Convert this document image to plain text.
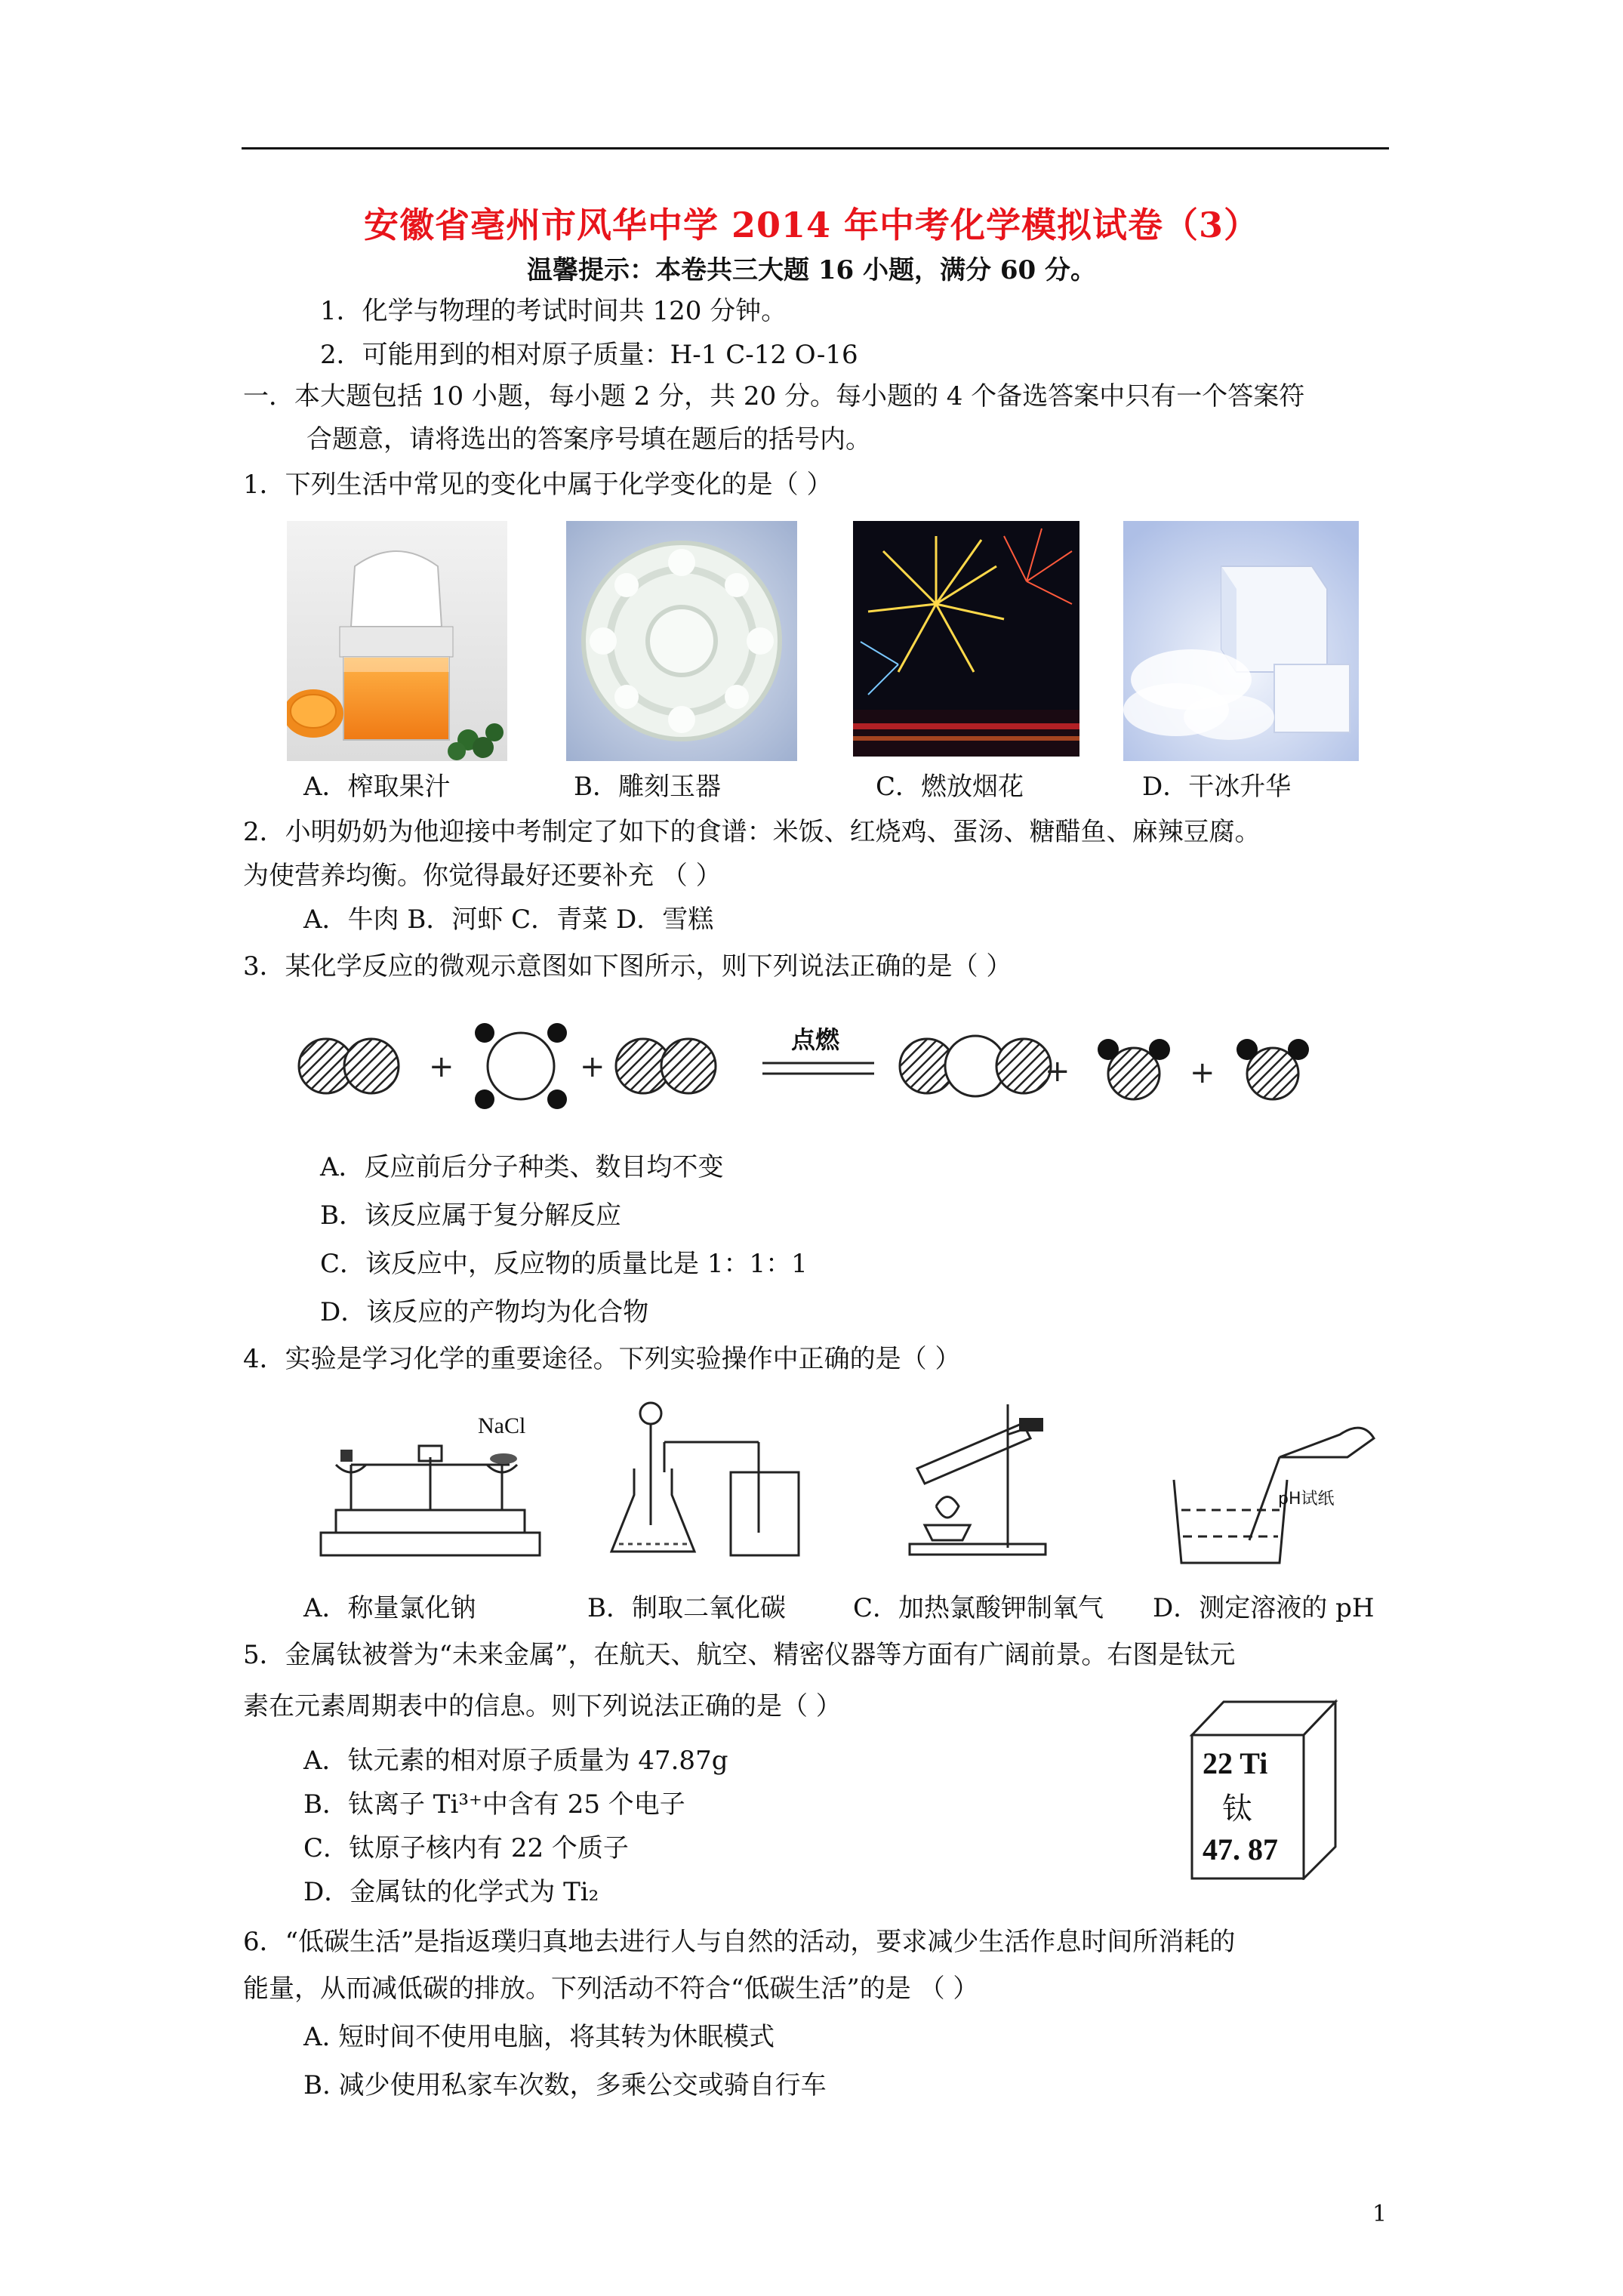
安徽省亳州市风华中学 2014 年中考化学模拟试卷（3）
温馨提示：本卷共三大题 16 小题，满分 60 分。
1．化学与物理的考试时间共 120 分钟。
2．可能用到的相对原子质量：H-1 C-12 O-16
一．本大题包括 10 小题，每小题 2 分，共 20 分。每小题的 4 个备选答案中只有一个答案符
合题意，请将选出的答案序号填在题后的括号内。
1．下列生活中常见的变化中属于化学变化的是（ ）
A．榨取果汁	B．雕刻玉器	C．燃放烟花	D．干冰升华
2．小明奶奶为他迎接中考制定了如下的食谱：米饭、红烧鸡、蛋汤、糖醋鱼、麻辣豆腐。
为使营养均衡。你觉得最好还要补充 （ ）
A．牛肉 B．河虾 C．青菜 D．雪糕
3．某化学反应的微观示意图如下图所示，则下列说法正确的是（ ）
+	+	+	+
点燃
A．反应前后分子种类、数目均不变
B．该反应属于复分解反应
C．该反应中，反应物的质量比是 1：1：1
D．该反应的产物均为化合物
4．实验是学习化学的重要途径。下列实验操作中正确的是（ ）
NaCl
pH试纸
A．称量氯化钠	B．制取二氧化碳	C．加热氯酸钾制氧气 D．测定溶液的 pH
5．金属钛被誉为“未来金属”，在航天、航空、精密仪器等方面有广阔前景。右图是钛元
素在元素周期表中的信息。则下列说法正确的是（ ）
A．钛元素的相对原子质量为 47.87g
B．钛离子 Ti³⁺中含有 25 个电子
C．钛原子核内有 22 个质子
D．金属钛的化学式为 Ti₂
22 Ti
钛
47. 87
6．“低碳生活”是指返璞归真地去进行人与自然的活动，要求减少生活作息时间所消耗的
能量，从而减低碳的排放。下列活动不符合“低碳生活”的是 （ ）
A. 短时间不使用电脑，将其转为休眠模式
B. 减少使用私家车次数，多乘公交或骑自行车
1
